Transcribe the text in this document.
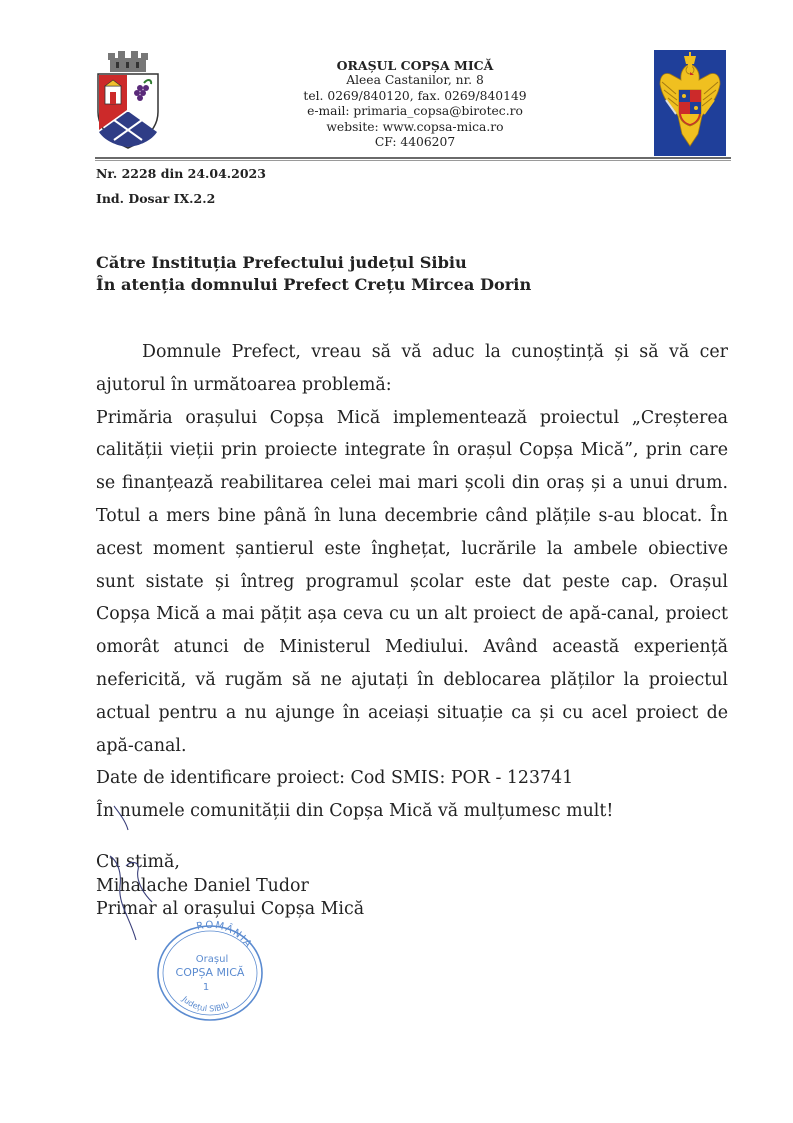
ORAȘUL COPȘA MICĂ
Aleea Castanilor, nr. 8
tel. 0269/840120, fax. 0269/840149
e-mail: primaria_copsa@birotec.ro
website: www.copsa-mica.ro
CF: 4406207
Nr. 2228 din 24.04.2023
Ind. Dosar IX.2.2
Către Instituția Prefectului județul Sibiu
În atenția domnului Prefect Crețu Mircea Dorin

Domnule Prefect, vreau să vă aduc la cunoștință și să vă cer ajutorul în următoarea problemă:

Primăria orașului Copșa Mică implementează proiectul „Creșterea calității vieții prin proiecte integrate în orașul Copșa Mică”, prin care se finanțează reabilitarea celei mai mari școli din oraș și a unui drum. Totul a mers bine până în luna decembrie când plățile s-au blocat. În acest moment șantierul este înghețat, lucrările la ambele obiective sunt sistate și întreg programul școlar este dat peste cap. Orașul Copșa Mică a mai pățit așa ceva cu un alt proiect de apă-canal, proiect omorât atunci de Ministerul Mediului. Având această experiență nefericită, vă rugăm să ne ajutați în deblocarea plăților la proiectul actual pentru a nu ajunge în aceiași situație ca și cu acel proiect de apă-canal.

Date de identificare proiect: Cod SMIS: POR - 123741

În numele comunității din Copșa Mică vă mulțumesc mult!

Cu stimă,
Mihalache Daniel Tudor
Primar al orașului Copșa Mică
ROMÂNIA
Orașul
COPȘA MICĂ
1
Județul SIBIU
